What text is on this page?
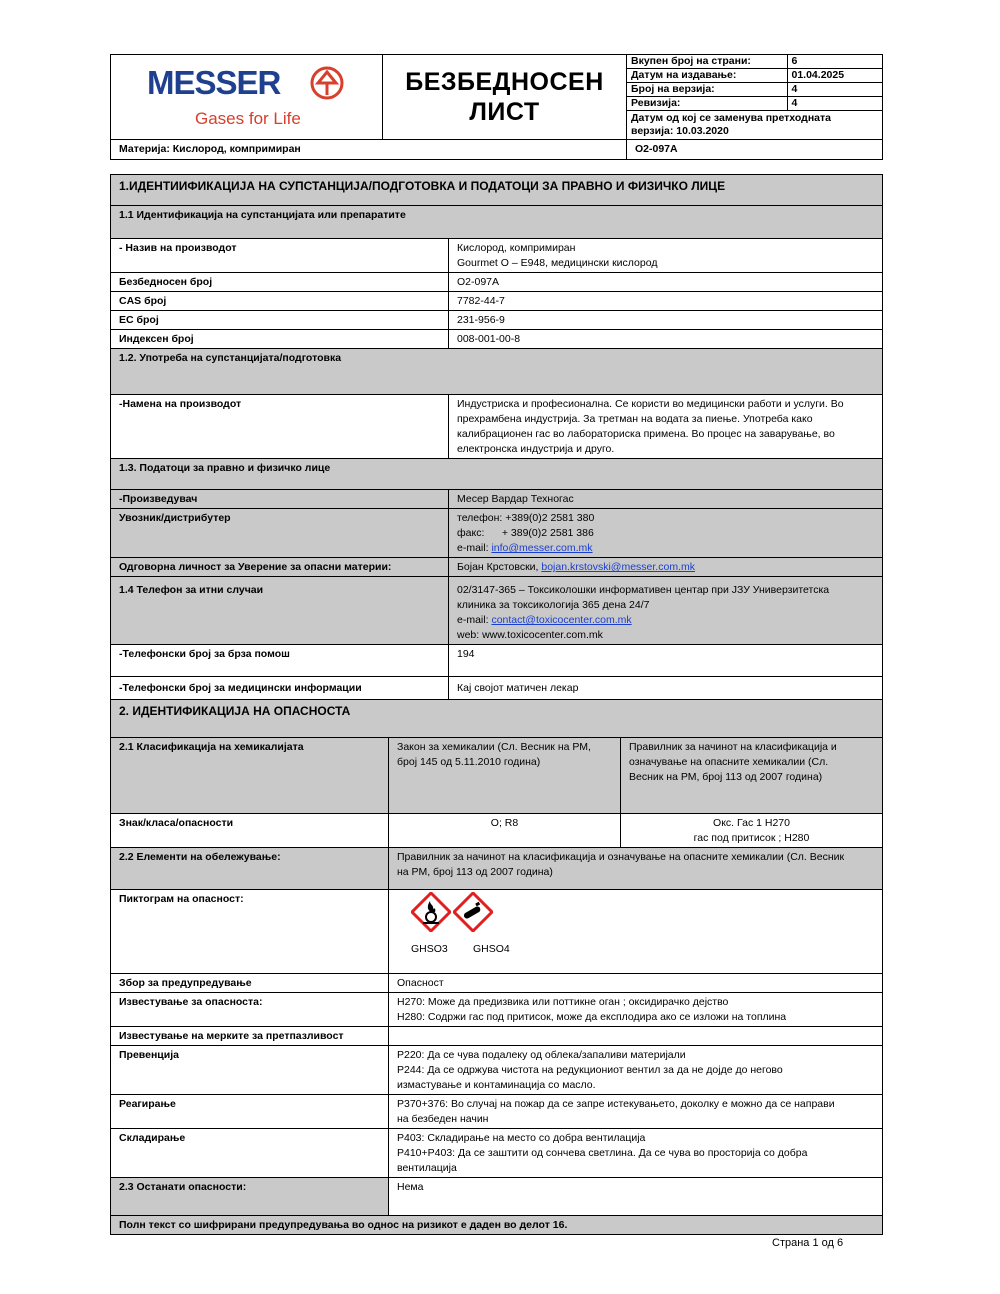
MESSER
Gases for Life

БЕЗБЕДНОСЕН
ЛИСТ

Вкупен број на страни:	6
Датум на издавање:	01.04.2025
Број на верзија:	4
Ревизија:	4

Датум од кој се заменува претходната
верзија: 10.03.2020

Материја: Кислород, компримиран	O2-097A
1.ИДЕНТИИФИКАЦИЈА НА СУПСТАНЦИЈА/ПОДГОТОВКА И ПОДАТОЦИ ЗА ПРАВНО И ФИЗИЧКО ЛИЦЕ	
1.1 Идентификација на супстанцијата или препаратите	
- Назив на производот	Кислород, компримиран
Gourmet O – E948, медицински кислород

Безбедносен број	O2-097A
CAS број	7782-44-7
EC број	231-956-9
Индексен број	008-001-00-8
1.2. Употреба на супстанцијата/подготовка	
-Намена на производот	Индустриска и професионална. Се користи во медицински работи и услуги. Во
прехрамбена индустрија. За третман на водата за пиење. Употреба како
калибрационен гас во лабораториска примена. Во процес на заварување, во
електронска индустрија и друго.

1.3. Податоци за правно и физичко лице	
-Произведувач	Месер Вардар Техногас
Увозник/дистрибутер	телефон: +389(0)2 2581 380
факс:      + 389(0)2 2581 386
e-mail: info@messer.com.mk

Одговорна личност за Уверение за опасни материи:	Бојан Крстовски, bojan.krstovski@messer.com.mk
1.4 Телефон за итни случаи	02/3147-365 – Токсиколошки информативен центар при ЈЗУ Универзитетска
клиника за токсикологија 365 дена 24/7
e-mail: contact@toxicocenter.com.mk
web: www.toxicocenter.com.mk

-Телефонски број за брза помош	194
-Телефонски број за медицински информации	Кај својот матичен лекар
2. ИДЕНТИФИКАЦИЈА НА ОПАСНОСТА		
2.1 Класификација на хемикалијата	Закон за хемикалии (Сл. Весник на РМ,
број 145 од 5.11.2010 година)	Правилник за начинот на класификација и
означување на опасните хемикалии (Сл.
Весник на РМ, број 113 од 2007 година)

Знак/класа/опасности	O; R8	Окс. Гас 1 H270
гас под притисок ; H280

2.2 Елементи на обележување:	Правилник за начинот на класификација и означување на опасните хемикалии (Сл. Весник
на РМ, број 113 од 2007 година)	

Пиктограм на опасност:	GHSO3 GHSO4	

Збор за предупредување	Опасност	
Известување за опасноста:	H270: Може да предизвика или поттикне оган ; оксидирачко дејство
H280: Содржи гас под притисок, може да експлодира ако се изложи на топлина	

Известување на мерките за претпазливост		
Превенција	P220: Да се чува подалеку од облека/запаливи материјали
P244: Да се одржува чистота на редукциониот вентил за да не дојде до негово
измастување и контаминација со масло.	

Реагирање	P370+376: Во случај на пожар да се запре истекувањето, доколку е можно да се направи
на безбеден начин	

Складирање	P403: Складирање на место со добра вентилација
P410+P403: Да се заштити од сончева светлина. Да се чува во просторија со добра
вентилација	

2.3 Останати опасности:	Нема	
Полн текст со шифрирани предупредувања во однос на ризикот е даден во делот 16.		
Страна 1 од 6
